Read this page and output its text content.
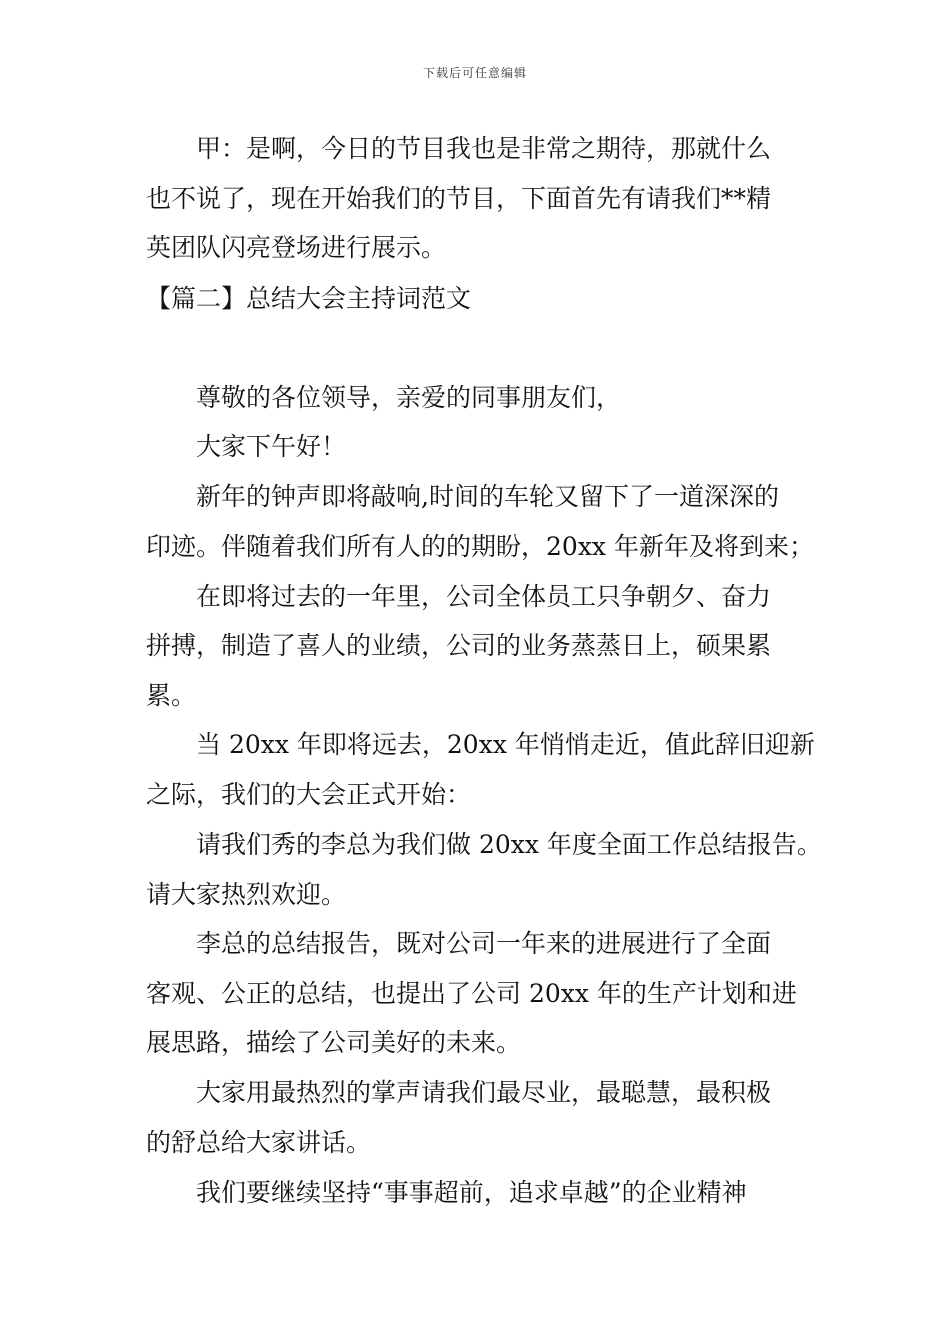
下载后可任意编辑
甲：是啊，今日的节目我也是非常之期待，那就什么
也不说了，现在开始我们的节目，下面首先有请我们**精
英团队闪亮登场进行展示。
【篇二】总结大会主持词范文
尊敬的各位领导，亲爱的同事朋友们，
大家下午好！
新年的钟声即将敲响,时间的车轮又留下了一道深深的
印迹。伴随着我们所有人的的期盼，20xx 年新年及将到来；
在即将过去的一年里，公司全体员工只争朝夕、奋力
拼搏，制造了喜人的业绩，公司的业务蒸蒸日上，硕果累
累。
当 20xx 年即将远去，20xx 年悄悄走近，值此辞旧迎新
之际，我们的大会正式开始：
请我们秀的李总为我们做 20xx 年度全面工作总结报告。
请大家热烈欢迎。
李总的总结报告，既对公司一年来的进展进行了全面
客观、公正的总结，也提出了公司 20xx 年的生产计划和进
展思路，描绘了公司美好的未来。
大家用最热烈的掌声请我们最尽业，最聪慧，最积极
的舒总给大家讲话。
我们要继续坚持“事事超前，追求卓越”的企业精神
